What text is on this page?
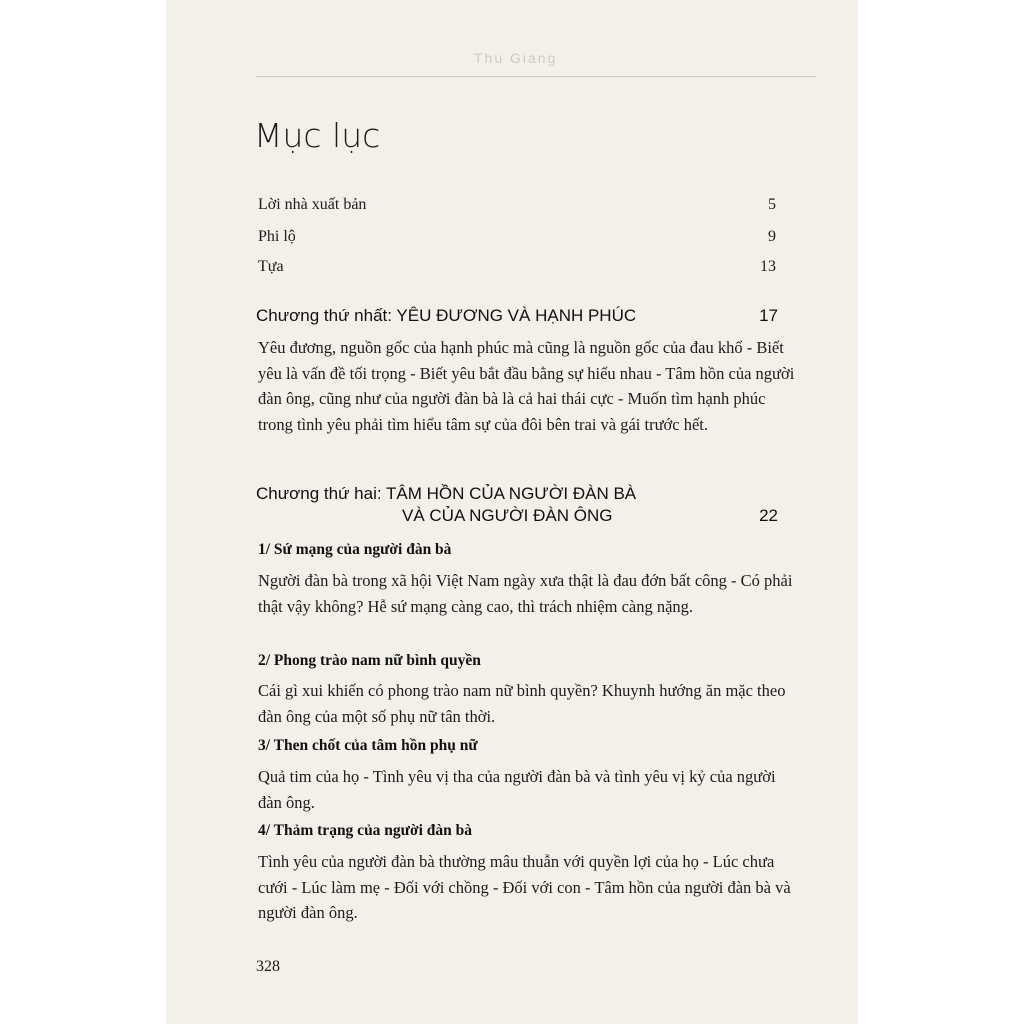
Thu Giang
Mục lục
Lời nhà xuất bản	5
Phi lộ	9
Tựa	13
Chương thứ nhất: YÊU ĐƯƠNG VÀ HẠNH PHÚC	17
Yêu đương, nguồn gốc của hạnh phúc mà cũng là nguồn gốc của đau khổ - Biết yêu là vấn đề tối trọng - Biết yêu bắt đầu bằng sự hiểu nhau - Tâm hồn của người đàn ông, cũng như của người đàn bà là cả hai thái cực - Muốn tìm hạnh phúc trong tình yêu phải tìm hiểu tâm sự của đôi bên trai và gái trước hết.
Chương thứ hai: TÂM HỒN CỦA NGƯỜI ĐÀN BÀ
VÀ CỦA NGƯỜI ĐÀN ÔNG	22
1/ Sứ mạng của người đàn bà
Người đàn bà trong xã hội Việt Nam ngày xưa thật là đau đớn bất công - Có phải thật vậy không? Hễ sứ mạng càng cao, thì trách nhiệm càng nặng.
2/ Phong trào nam nữ bình quyền
Cái gì xui khiến có phong trào nam nữ bình quyền? Khuynh hướng ăn mặc theo đàn ông của một số phụ nữ tân thời.
3/ Then chốt của tâm hồn phụ nữ
Quả tim của họ - Tình yêu vị tha của người đàn bà và tình yêu vị kỷ của người đàn ông.
4/ Thảm trạng của người đàn bà
Tình yêu của người đàn bà thường mâu thuẫn với quyền lợi của họ - Lúc chưa cưới - Lúc làm mẹ - Đối với chồng - Đối với con - Tâm hồn của người đàn bà và người đàn ông.
328
